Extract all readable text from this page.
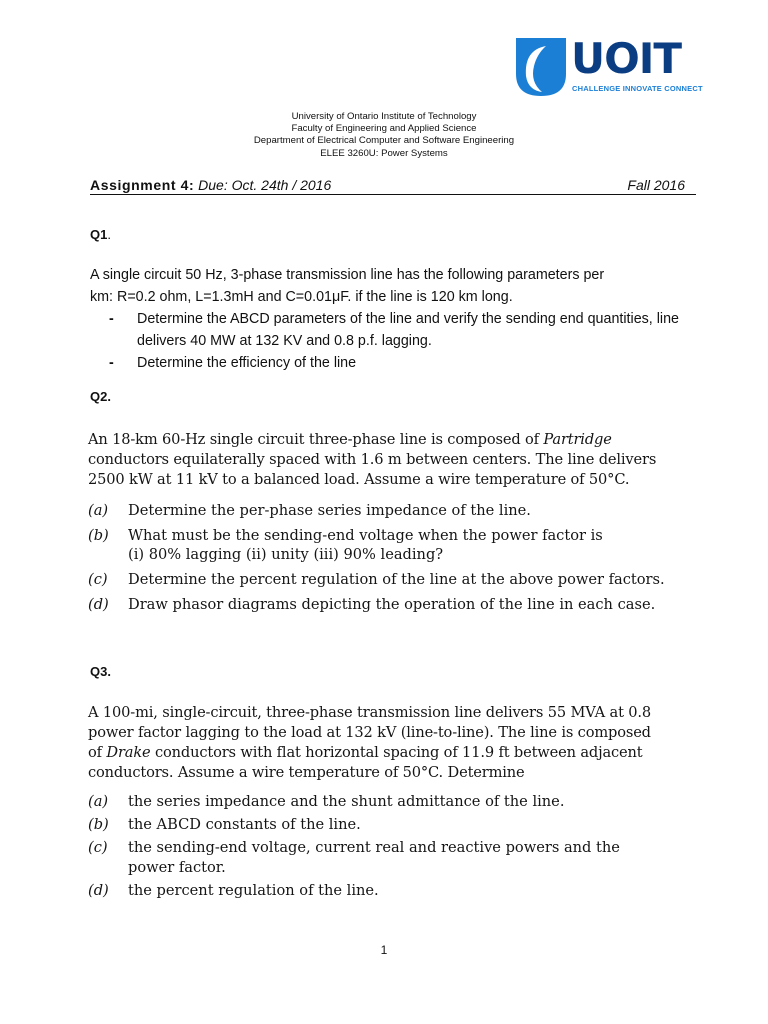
UOIT
CHALLENGE INNOVATE CONNECT
University of Ontario Institute of Technology
Faculty of Engineering and Applied Science
Department of Electrical Computer and Software Engineering
ELEE 3260U: Power Systems
Assignment 4: Due: Oct. 24th / 2016	Fall 2016
Q1.

A single circuit 50 Hz, 3-phase transmission line has the following parameters per

km: R=0.2 ohm, L=1.3mH and C=0.01μF. if the line is 120 km long.

- Determine the ABCD parameters of the line and verify the sending end quantities, line delivers 40 MW at 132 KV and 0.8 p.f. lagging.
- Determine the efficiency of the line
Q2.
An 18-km 60-Hz single circuit three-phase line is composed of Partridge conductors equilaterally spaced with 1.6 m between centers. The line delivers 2500 kW at 11 kV to a balanced load. Assume a wire temperature of 50°C.
(a) Determine the per-phase series impedance of the line.
(b) What must be the sending-end voltage when the power factor is
(i) 80% lagging (ii) unity (iii) 90% leading?
(c) Determine the percent regulation of the line at the above power factors.
(d) Draw phasor diagrams depicting the operation of the line in each case.
Q3.
A 100-mi, single-circuit, three-phase transmission line delivers 55 MVA at 0.8 power factor lagging to the load at 132 kV (line-to-line). The line is composed of Drake conductors with flat horizontal spacing of 11.9 ft between adjacent conductors. Assume a wire temperature of 50°C. Determine
(a) the series impedance and the shunt admittance of the line.
(b) the ABCD constants of the line.
(c) the sending-end voltage, current real and reactive powers and the power factor.
(d) the percent regulation of the line.
1
